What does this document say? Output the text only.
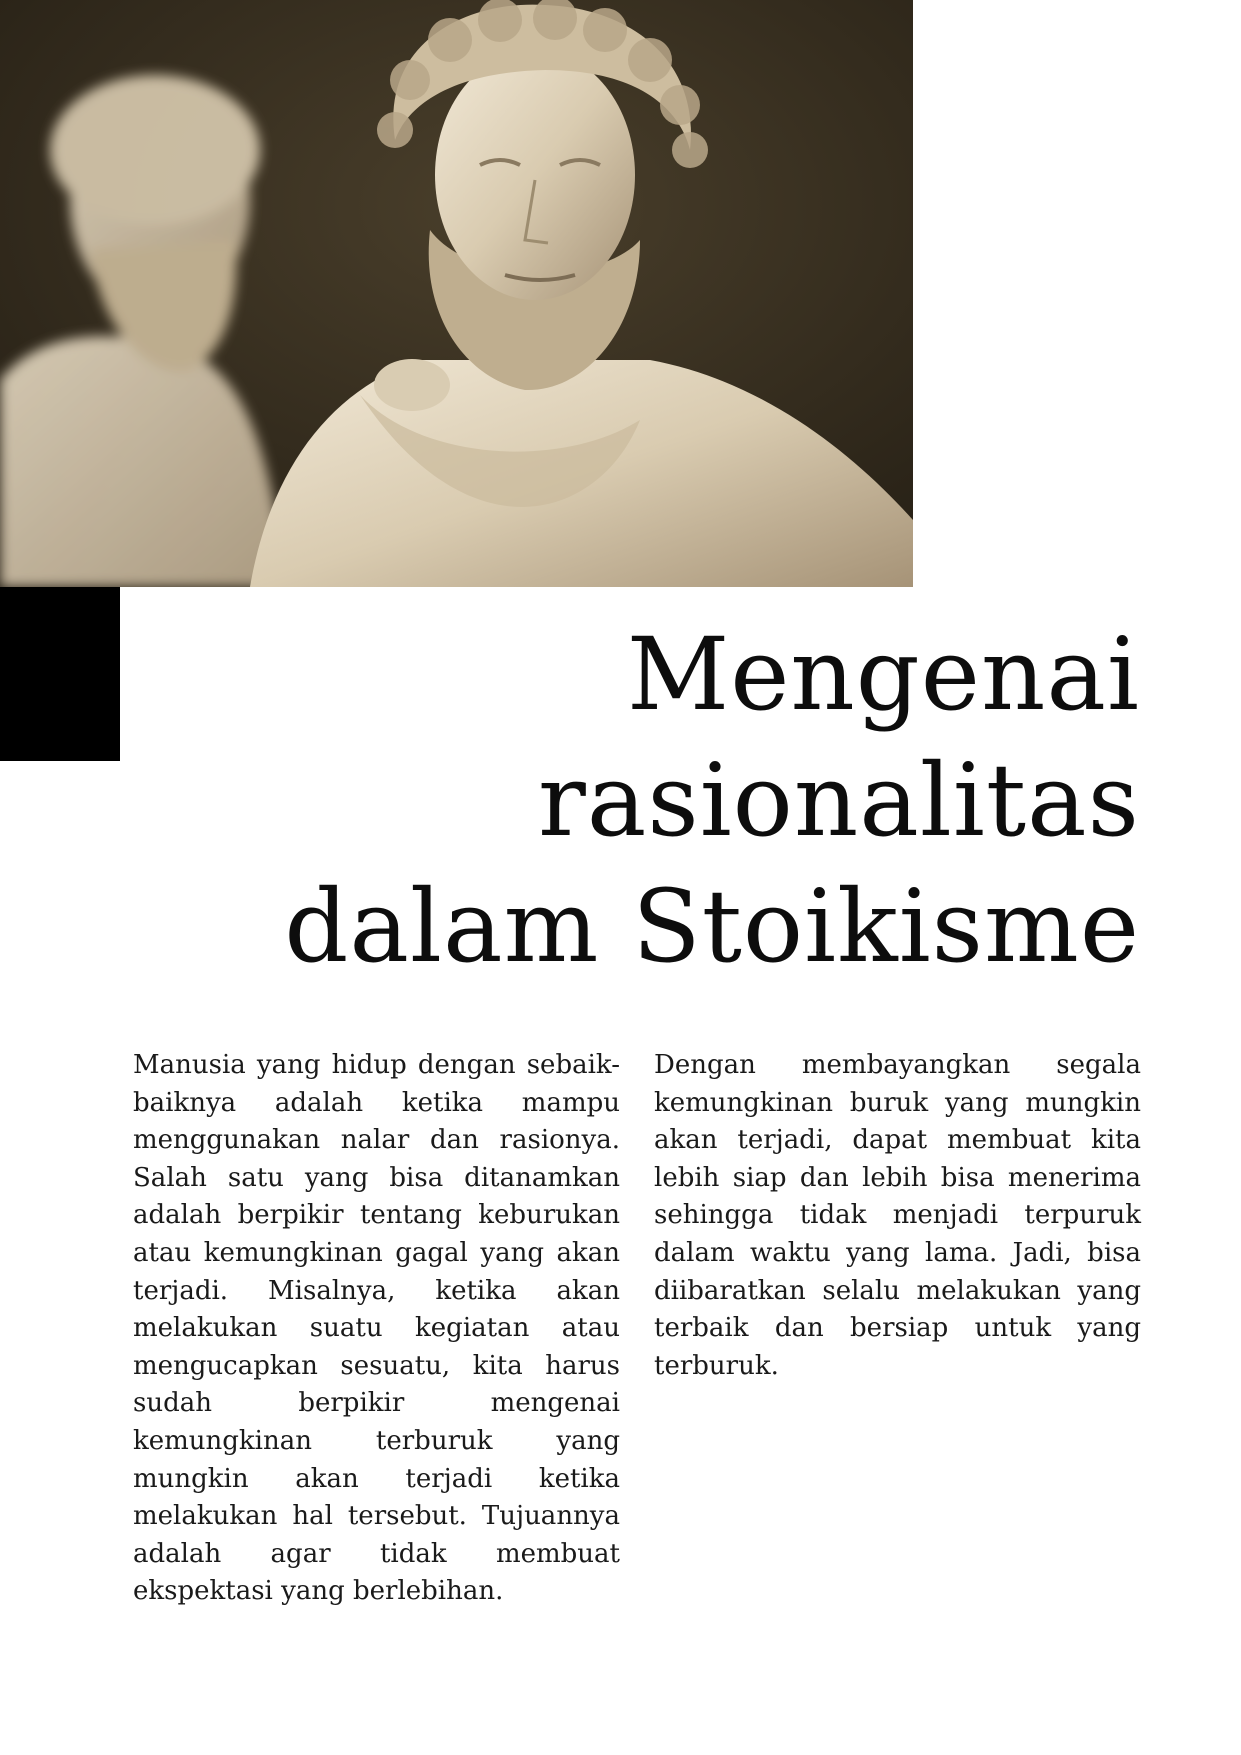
Mengenai
rasionalitas
dalam Stoikisme

Manusia yang hidup dengan sebaik-baiknya adalah ketika mampu menggunakan nalar dan rasionya. Salah satu yang bisa ditanamkan adalah berpikir tentang keburukan atau kemungkinan gagal yang akan terjadi. Misalnya, ketika akan melakukan suatu kegiatan atau mengucapkan sesuatu, kita harus sudah berpikir mengenai kemungkinan terburuk yang mungkin akan terjadi ketika melakukan hal tersebut. Tujuannya adalah agar tidak membuat ekspektasi yang berlebihan.

Dengan membayangkan segala kemungkinan buruk yang mungkin akan terjadi, dapat membuat kita lebih siap dan lebih bisa menerima sehingga tidak menjadi terpuruk dalam waktu yang lama. Jadi, bisa diibaratkan selalu melakukan yang terbaik dan bersiap untuk yang terburuk.
